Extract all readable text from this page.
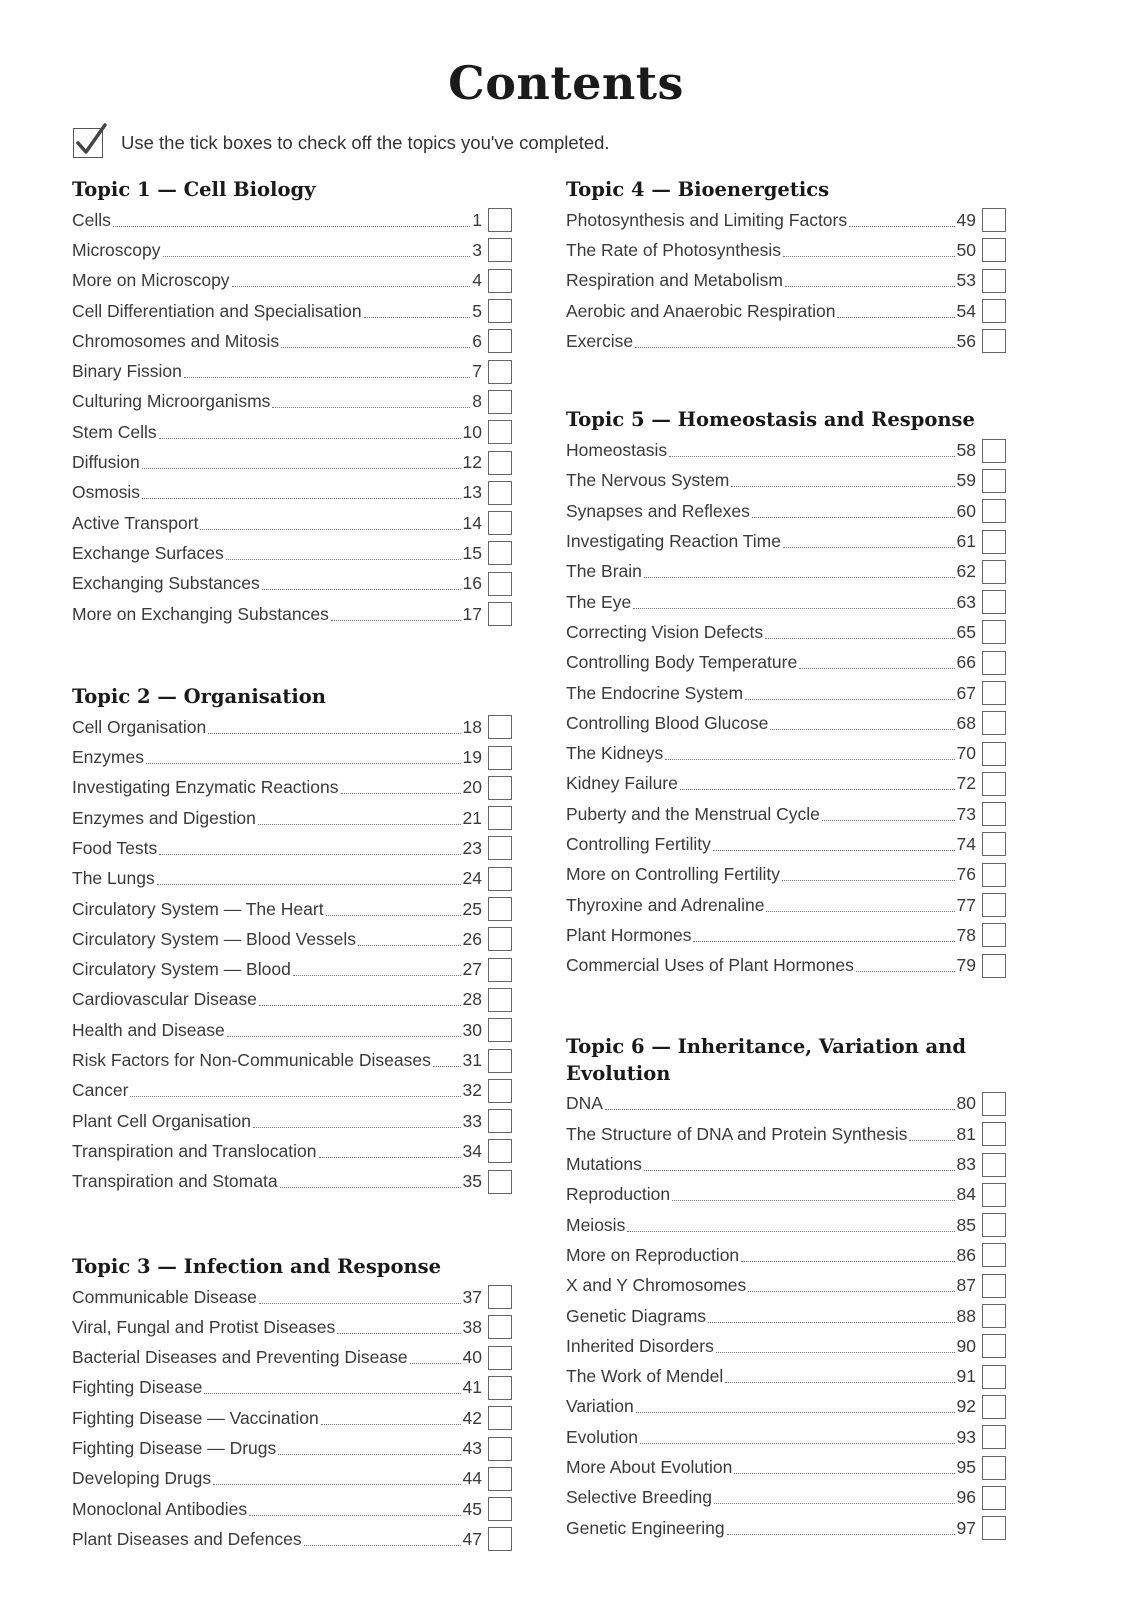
Contents
Use the tick boxes to check off the topics you've completed.
Topic 1 — Cell Biology
Cells	1
Microscopy	3
More on Microscopy	4
Cell Differentiation and Specialisation	5
Chromosomes and Mitosis	6
Binary Fission	7
Culturing Microorganisms	8
Stem Cells	10
Diffusion	12
Osmosis	13
Active Transport	14
Exchange Surfaces	15
Exchanging Substances	16
More on Exchanging Substances	17
Topic 2 — Organisation
Cell Organisation	18
Enzymes	19
Investigating Enzymatic Reactions	20
Enzymes and Digestion	21
Food Tests	23
The Lungs	24
Circulatory System — The Heart	25
Circulatory System — Blood Vessels	26
Circulatory System — Blood	27
Cardiovascular Disease	28
Health and Disease	30
Risk Factors for Non-Communicable Diseases 31
Cancer	32
Plant Cell Organisation	33
Transpiration and Translocation	34
Transpiration and Stomata	35
Topic 3 — Infection and Response
Communicable Disease	37
Viral, Fungal and Protist Diseases	38
Bacterial Diseases and Preventing Disease	40
Fighting Disease	41
Fighting Disease — Vaccination	42
Fighting Disease — Drugs	43
Developing Drugs	44
Monoclonal Antibodies	45
Plant Diseases and Defences	47
Topic 4 — Bioenergetics
Photosynthesis and Limiting Factors	49
The Rate of Photosynthesis	50
Respiration and Metabolism	53
Aerobic and Anaerobic Respiration	54
Exercise	56
Topic 5 — Homeostasis and Response
Homeostasis	58
The Nervous System	59
Synapses and Reflexes	60
Investigating Reaction Time	61
The Brain	62
The Eye	63
Correcting Vision Defects	65
Controlling Body Temperature	66
The Endocrine System	67
Controlling Blood Glucose	68
The Kidneys	70
Kidney Failure	72
Puberty and the Menstrual Cycle	73
Controlling Fertility	74
More on Controlling Fertility	76
Thyroxine and Adrenaline	77
Plant Hormones	78
Commercial Uses of Plant Hormones	79
Topic 6 — Inheritance, Variation and Evolution
DNA	80
The Structure of DNA and Protein Synthesis	81
Mutations	83
Reproduction	84
Meiosis	85
More on Reproduction	86
X and Y Chromosomes	87
Genetic Diagrams	88
Inherited Disorders	90
The Work of Mendel	91
Variation	92
Evolution	93
More About Evolution	95
Selective Breeding	96
Genetic Engineering	97
